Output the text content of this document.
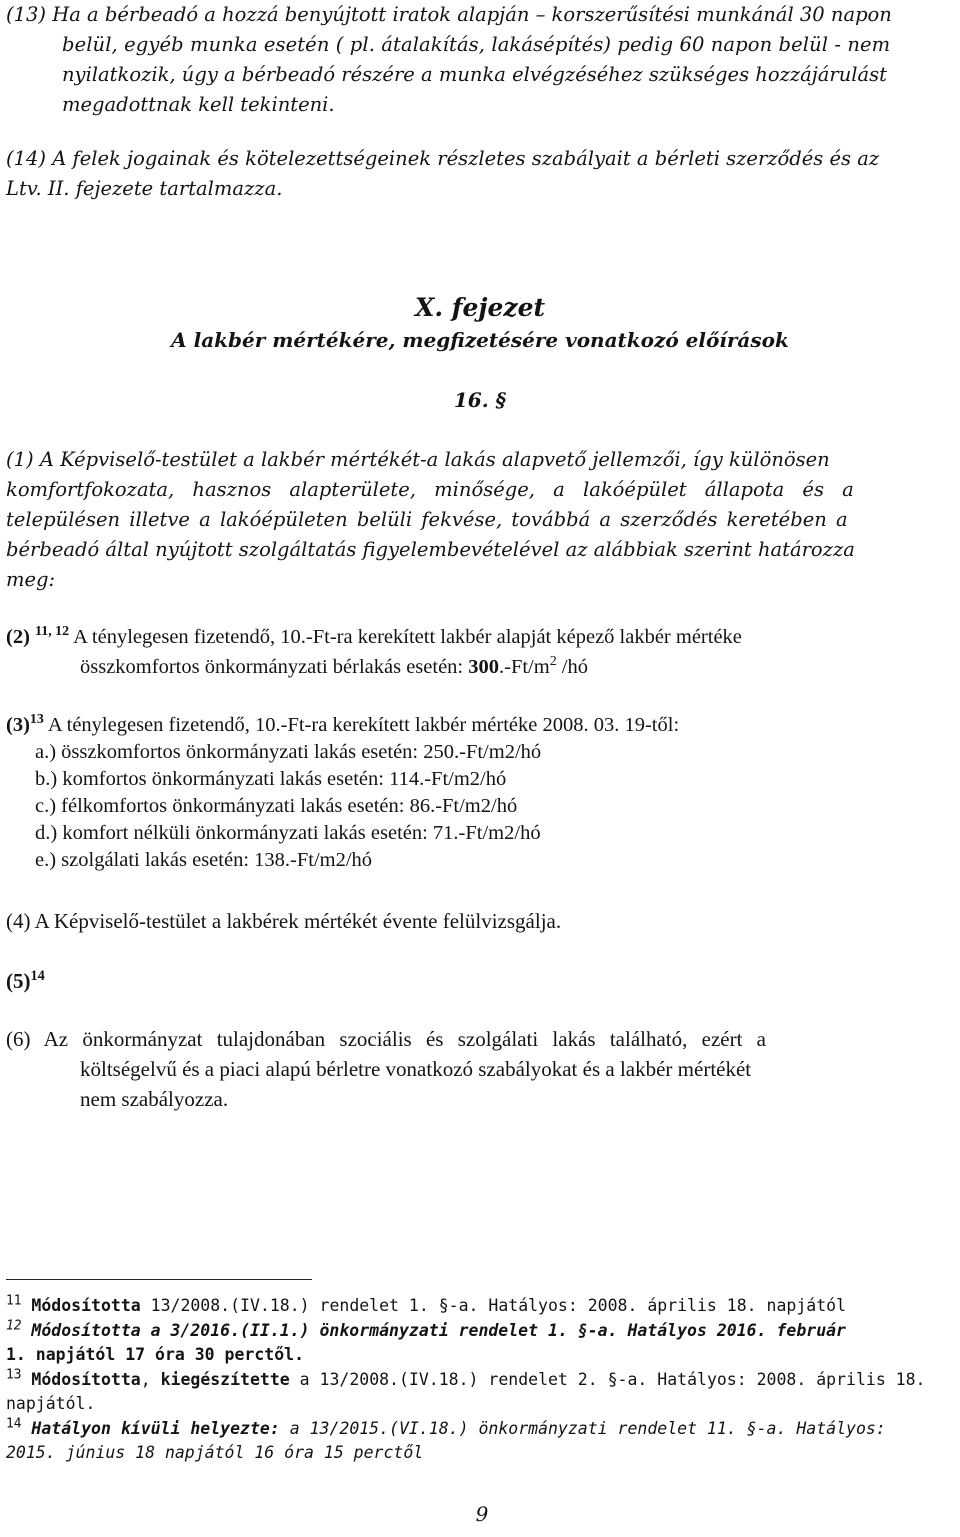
(13) Ha a bérbeadó a hozzá benyújtott iratok alapján – korszerűsítési munkánál 30 napon
belül, egyéb munka esetén ( pl. átalakítás, lakásépítés) pedig 60 napon belül - nem
nyilatkozik, úgy a bérbeadó részére a munka elvégzéséhez szükséges hozzájárulást
megadottnak kell tekinteni.
(14) A felek jogainak és kötelezettségeinek részletes szabályait a bérleti szerződés és az
Ltv. II. fejezete tartalmazza.
X. fejezet
A lakbér mértékére, megfizetésére vonatkozó előírások
16. §
(1) A Képviselő-testület a lakbér mértékét-a lakás alapvető jellemzői, így különösen
komfortfokozata, hasznos alapterülete, minősége, a lakóépület állapota és a
településen illetve a lakóépületen belüli fekvése, továbbá a szerződés keretében a
bérbeadó által nyújtott szolgáltatás figyelembevételével az alábbiak szerint határozza
meg:
(2) $^{11, 12}$ A ténylegesen fizetendő, 10.-Ft-ra kerekített lakbér alapját képező lakbér mértéke
összkomfortos önkormányzati bérlakás esetén: $300.-Ft/m^2$ /hó
$(3)^{13}$ A ténylegesen fizetendő, 10.-Ft-ra kerekített lakbér mértéke 2008. 03. 19-től:
a.) összkomfortos önkormányzati lakás esetén: 250.-Ft/m2/hó
b.) komfortos önkormányzati lakás esetén: 114.-Ft/m2/hó
c.) félkomfortos önkormányzati lakás esetén: 86.-Ft/m2/hó
d.) komfort nélküli önkormányzati lakás esetén: 71.-Ft/m2/hó
e.) szolgálati lakás esetén: 138.-Ft/m2/hó
(4) A Képviselő-testület a lakbérek mértékét évente felülvizsgálja.
$(5)^{14}$
(6) Az önkormányzat tulajdonában szociális és szolgálati lakás található, ezért a
költségelvű és a piaci alapú bérletre vonatkozó szabályokat és a lakbér mértékét
nem szabályozza.
$^{11}$ Módosította 13/2008.(IV.18.) rendelet 1. §-a. Hatályos: 2008. április 18. napjától
$^{12}$ Módosította a 3/2016.(II.1.) önkormányzati rendelet 1. §-a. Hatályos 2016. február
1. napjától 17 óra 30 perctől.
$^{13}$ Módosította, kiegészítette a 13/2008.(IV.18.) rendelet 2. §-a. Hatályos: 2008. április 18.
napjától.
$^{14}$ Hatályon kívüli helyezte: a 13/2015.(VI.18.) önkormányzati rendelet 11. §-a. Hatályos:
2015. június 18 napjától 16 óra 15 perctől
9
